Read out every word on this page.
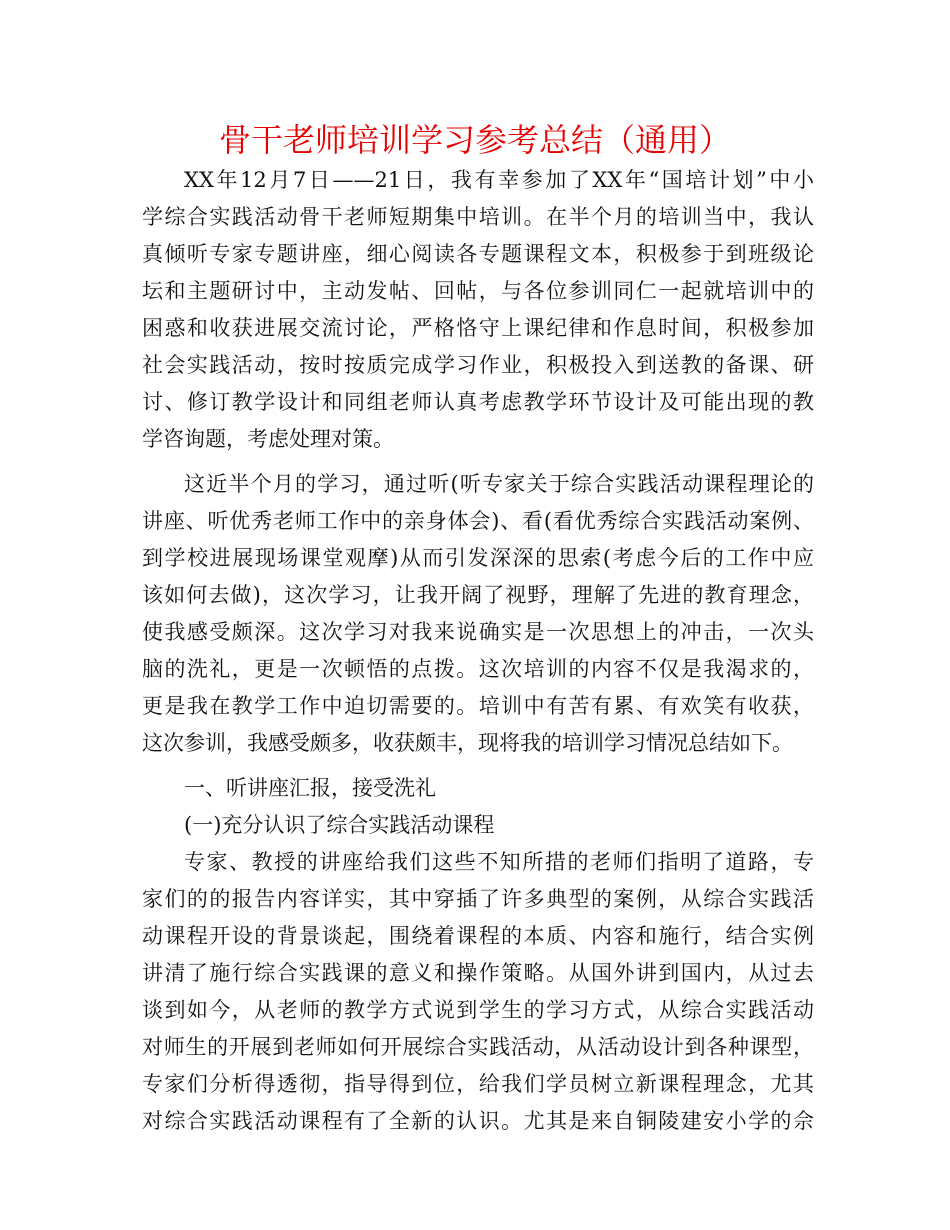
骨干老师培训学习参考总结（通用）
XX年12月7日——21日，我有幸参加了XX年“国培计划”中小
学综合实践活动骨干老师短期集中培训。在半个月的培训当中，我认
真倾听专家专题讲座，细心阅读各专题课程文本，积极参于到班级论
坛和主题研讨中，主动发帖、回帖，与各位参训同仁一起就培训中的
困惑和收获进展交流讨论，严格恪守上课纪律和作息时间，积极参加
社会实践活动，按时按质完成学习作业，积极投入到送教的备课、研
讨、修订教学设计和同组老师认真考虑教学环节设计及可能出现的教
学咨询题，考虑处理对策。
这近半个月的学习，通过听(听专家关于综合实践活动课程理论的
讲座、听优秀老师工作中的亲身体会)、看(看优秀综合实践活动案例、
到学校进展现场课堂观摩)从而引发深深的思索(考虑今后的工作中应
该如何去做)，这次学习，让我开阔了视野，理解了先进的教育理念，
使我感受颇深。这次学习对我来说确实是一次思想上的冲击，一次头
脑的洗礼，更是一次顿悟的点拨。这次培训的内容不仅是我渴求的，
更是我在教学工作中迫切需要的。培训中有苦有累、有欢笑有收获，
这次参训，我感受颇多，收获颇丰，现将我的培训学习情况总结如下。
一、听讲座汇报，接受洗礼
(一)充分认识了综合实践活动课程
专家、教授的讲座给我们这些不知所措的老师们指明了道路，专
家们的的报告内容详实，其中穿插了许多典型的案例，从综合实践活
动课程开设的背景谈起，围绕着课程的本质、内容和施行，结合实例
讲清了施行综合实践课的意义和操作策略。从国外讲到国内，从过去
谈到如今，从老师的教学方式说到学生的学习方式，从综合实践活动
对师生的开展到老师如何开展综合实践活动，从活动设计到各种课型，
专家们分析得透彻，指导得到位，给我们学员树立新课程理念，尤其
对综合实践活动课程有了全新的认识。尤其是来自铜陵建安小学的佘
